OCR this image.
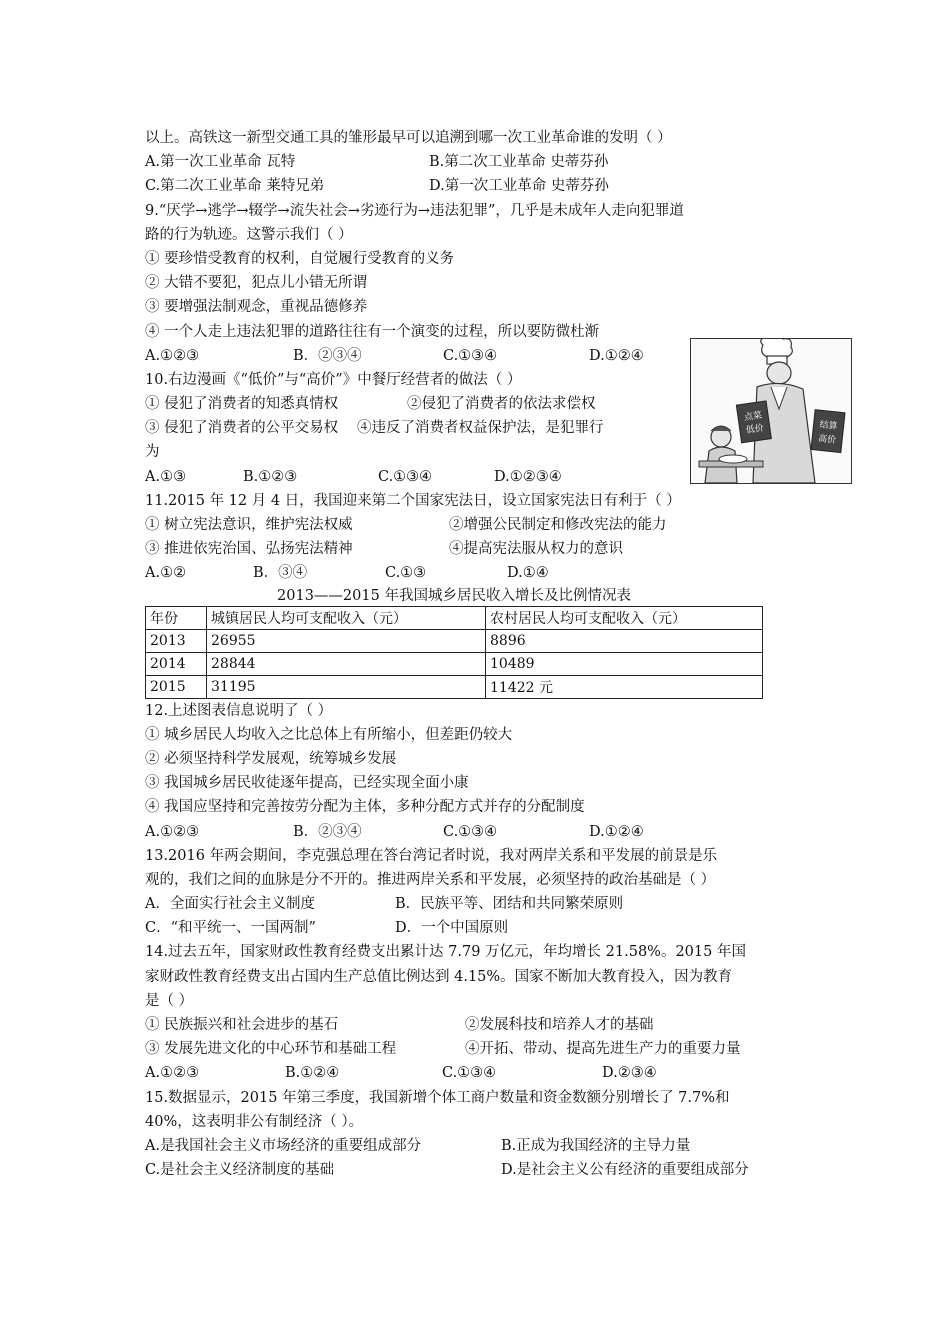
以上。高铁这一新型交通工具的雏形最早可以追溯到哪一次工业革命谁的发明（ ）
A.第一次工业革命 瓦特	B.第二次工业革命 史蒂芬孙
C.第二次工业革命 莱特兄弟	D.第一次工业革命 史蒂芬孙
9.“厌学→逃学→辍学→流失社会→劣迹行为→违法犯罪”，几乎是未成年人走向犯罪道
路的行为轨迹。这警示我们（ ）
① 要珍惜受教育的权利，自觉履行受教育的义务
② 大错不要犯，犯点儿小错无所谓
③ 要增强法制观念，重视品德修养
④ 一个人走上违法犯罪的道路往往有一个演变的过程，所以要防微杜渐
A.①②③	B．②③④	C.①③④	D.①②④
10.右边漫画《“低价”与“高价”》中餐厅经营者的做法（ ）
① 侵犯了消费者的知悉真情权	②侵犯了消费者的依法求偿权
③ 侵犯了消费者的公平交易权	④违反了消费者权益保护法，是犯罪行
为
A.①③	B.①②③	C.①③④	D.①②③④
11.2015 年 12 月 4 日，我国迎来第二个国家宪法日，设立国家宪法日有利于（ ）
① 树立宪法意识，维护宪法权威	②增强公民制定和修改宪法的能力
③ 推进依宪治国、弘扬宪法精神	④提高宪法服从权力的意识
A.①②	B．③④	C.①③	D.①④
2013——2015 年我国城乡居民收入增长及比例情况表
年份	城镇居民人均可支配收入（元）	农村居民人均可支配收入（元）
2013	26955	8896
2014	28844	10489
2015	31195	11422 元
12.上述图表信息说明了（ ）
① 城乡居民人均收入之比总体上有所缩小，但差距仍较大
② 必须坚持科学发展观，统筹城乡发展
③ 我国城乡居民收徒逐年提高，已经实现全面小康
④ 我国应坚持和完善按劳分配为主体，多种分配方式并存的分配制度
A.①②③	B．②③④	C.①③④	D.①②④
13.2016 年两会期间，李克强总理在答台湾记者时说，我对两岸关系和平发展的前景是乐
观的，我们之间的血脉是分不开的。推进两岸关系和平发展，必须坚持的政治基础是（ ）
A．全面实行社会主义制度	B．民族平等、团结和共同繁荣原则
C．“和平统一、一国两制”	D．一个中国原则
14.过去五年，国家财政性教育经费支出累计达 7.79 万亿元，年均增长 21.58%。2015 年国
家财政性教育经费支出占国内生产总值比例达到 4.15%。国家不断加大教育投入，因为教育
是（ ）
① 民族振兴和社会进步的基石	②发展科技和培养人才的基础
③ 发展先进文化的中心环节和基础工程	④开拓、带动、提高先进生产力的重要力量
A.①②③	B.①②④	C.①③④	D.②③④
15.数据显示，2015 年第三季度，我国新增个体工商户数量和资金数额分别增长了 7.7%和
40%，这表明非公有制经济（ ）。
A.是我国社会主义市场经济的重要组成部分	B.正成为我国经济的主导力量
C.是社会主义经济制度的基础	D.是社会主义公有经济的重要组成部分
点菜
低价	结算
高价
